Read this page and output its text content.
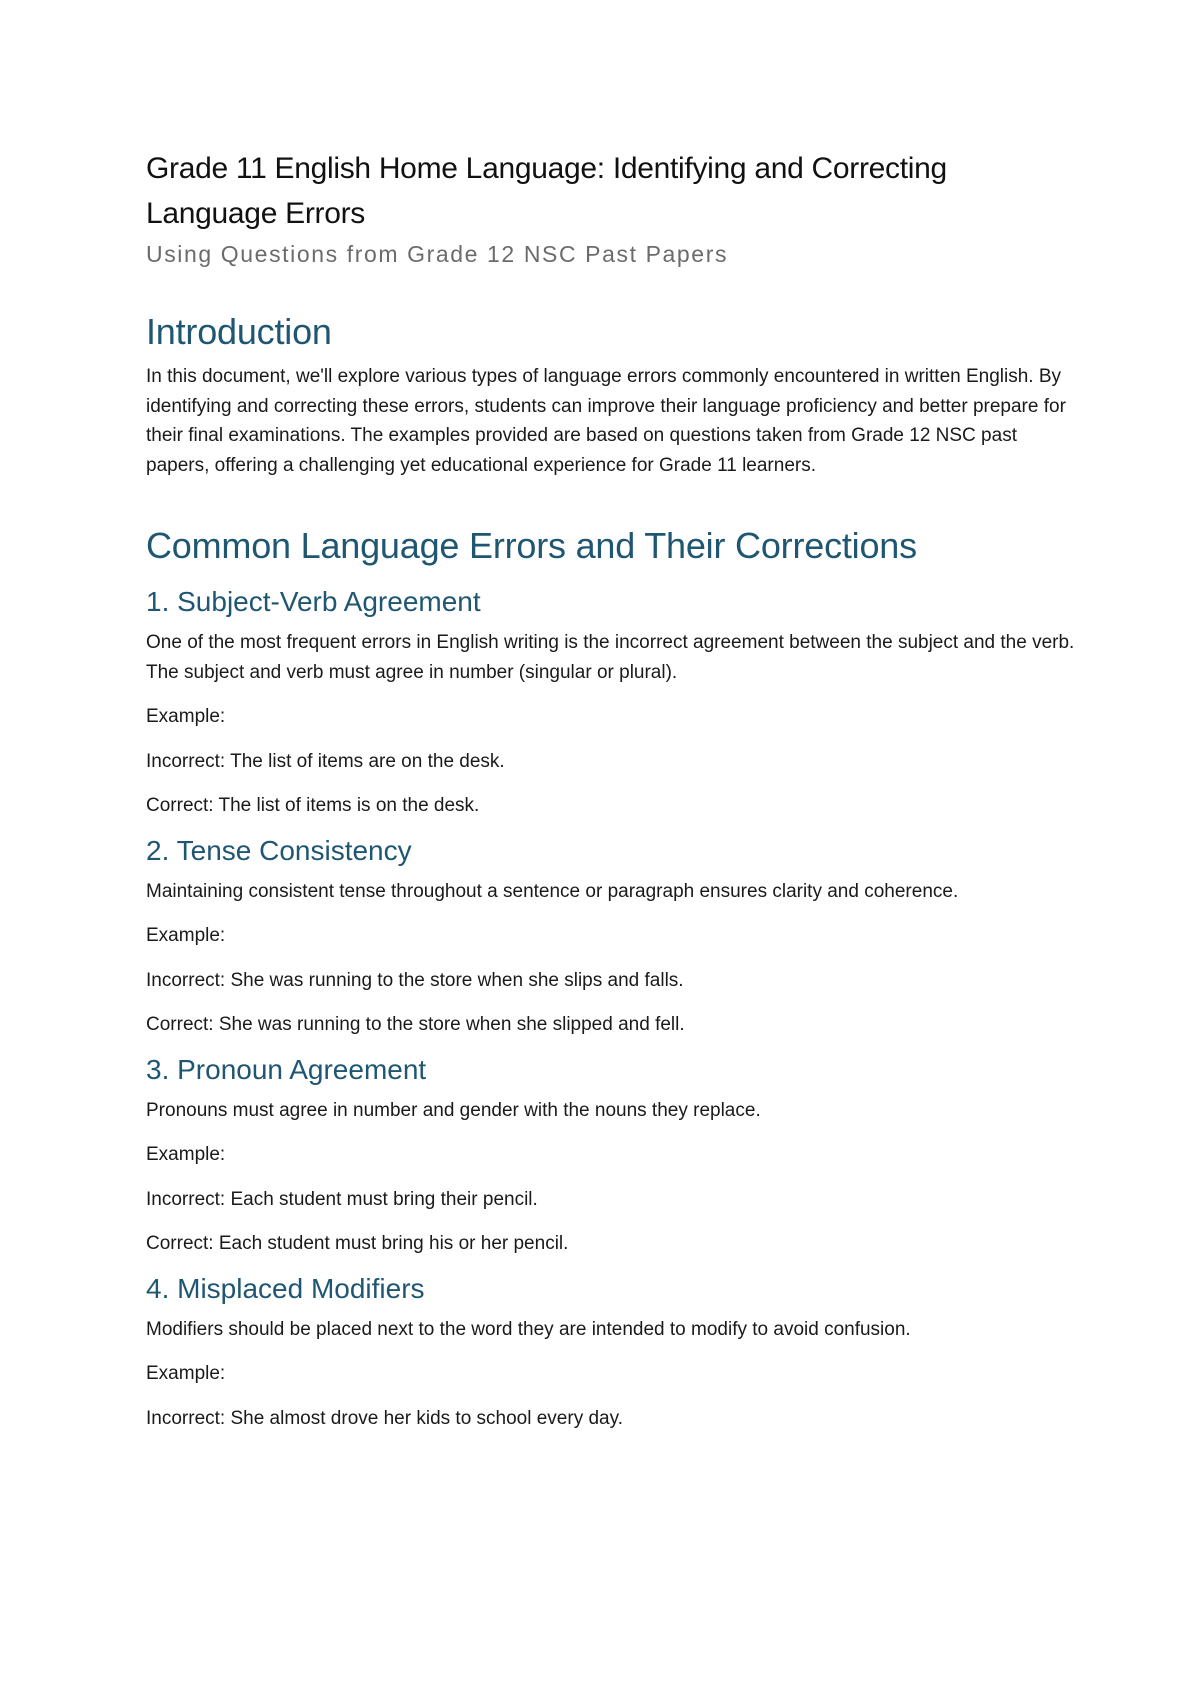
Grade 11 English Home Language: Identifying and Correcting Language Errors
Using Questions from Grade 12 NSC Past Papers
Introduction

In this document, we'll explore various types of language errors commonly encountered in written English. By identifying and correcting these errors, students can improve their language proficiency and better prepare for their final examinations. The examples provided are based on questions taken from Grade 12 NSC past papers, offering a challenging yet educational experience for Grade 11 learners.

Common Language Errors and Their Corrections
1. Subject-Verb Agreement

One of the most frequent errors in English writing is the incorrect agreement between the subject and the verb. The subject and verb must agree in number (singular or plural).

Example:

Incorrect: The list of items are on the desk.

Correct: The list of items is on the desk.

2. Tense Consistency

Maintaining consistent tense throughout a sentence or paragraph ensures clarity and coherence.

Example:

Incorrect: She was running to the store when she slips and falls.

Correct: She was running to the store when she slipped and fell.

3. Pronoun Agreement

Pronouns must agree in number and gender with the nouns they replace.

Example:

Incorrect: Each student must bring their pencil.

Correct: Each student must bring his or her pencil.

4. Misplaced Modifiers

Modifiers should be placed next to the word they are intended to modify to avoid confusion.

Example:

Incorrect: She almost drove her kids to school every day.
